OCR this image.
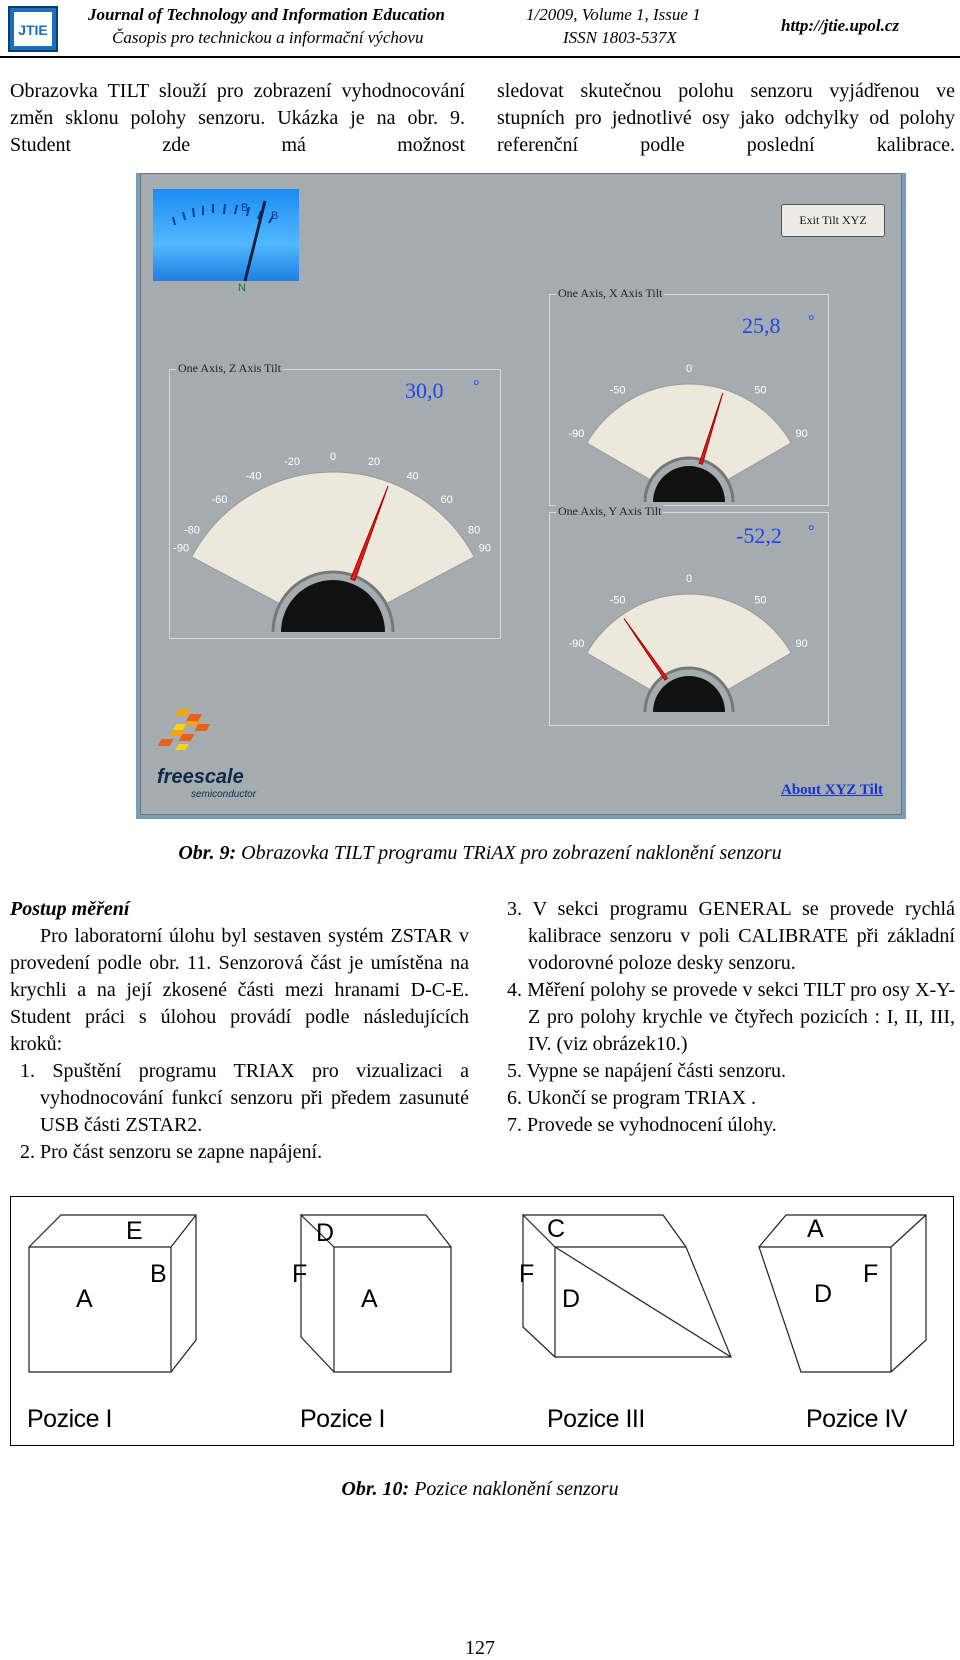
JTIE
Journal of Technology and Information Education
Časopis pro technickou a informační výchovu
1/2009, Volume 1, Issue 1
ISSN 1803-537X
http://jtie.upol.cz
Obrazovka TILT slouží pro zobrazení vyhodnocování změn sklonu polohy senzoru. Ukázka je na obr. 9. Student zde má možnost
sledovat skutečnou polohu senzoru vyjádřenou ve stupních pro jednotlivé osy jako odchylky od polohy referenční podle poslední kalibrace.
B
B
N
Exit Tilt XYZ
One Axis, X Axis Tilt
25,8 °
0
-50	50
-90	90
One Axis, Z Axis Tilt
30,0 °
0
-20	20
-40	40
-60	60
-80	80
-90	90
One Axis, Y Axis Tilt
-52,2 °
0
-50	50
-90	90
freescale
semiconductor	About XYZ Tilt
Obr. 9: Obrazovka TILT programu TRiAX pro zobrazení naklonění senzoru

Postup měření

Pro laboratorní úlohu byl sestaven systém ZSTAR v provedení podle obr. 11. Senzorová část je umístěna na krychli a na její zkosené části mezi hranami D-C-E. Student práci s úlohou provádí podle následujících kroků:

1. Spuštění programu TRIAX pro vizualizaci a vyhodnocování funkcí senzoru při předem zasunuté USB části ZSTAR2.

2. Pro část senzoru se zapne napájení.

3. V sekci programu GENERAL se provede rychlá kalibrace senzoru v poli CALIBRATE při základní vodorovné poloze desky senzoru.

4. Měření polohy se provede v sekci TILT pro osy X-Y-Z pro polohy krychle ve čtyřech pozicích : I, II, III, IV. (viz obrázek10.)

5. Vypne se napájení části senzoru.

6. Ukončí se program TRIAX .

7. Provede se vyhodnocení úlohy.

E
B
A
D
F
A
C
F
D
A
D
F
Pozice I	Pozice I	Pozice III	Pozice IV
Obr. 10: Pozice naklonění senzoru
127
